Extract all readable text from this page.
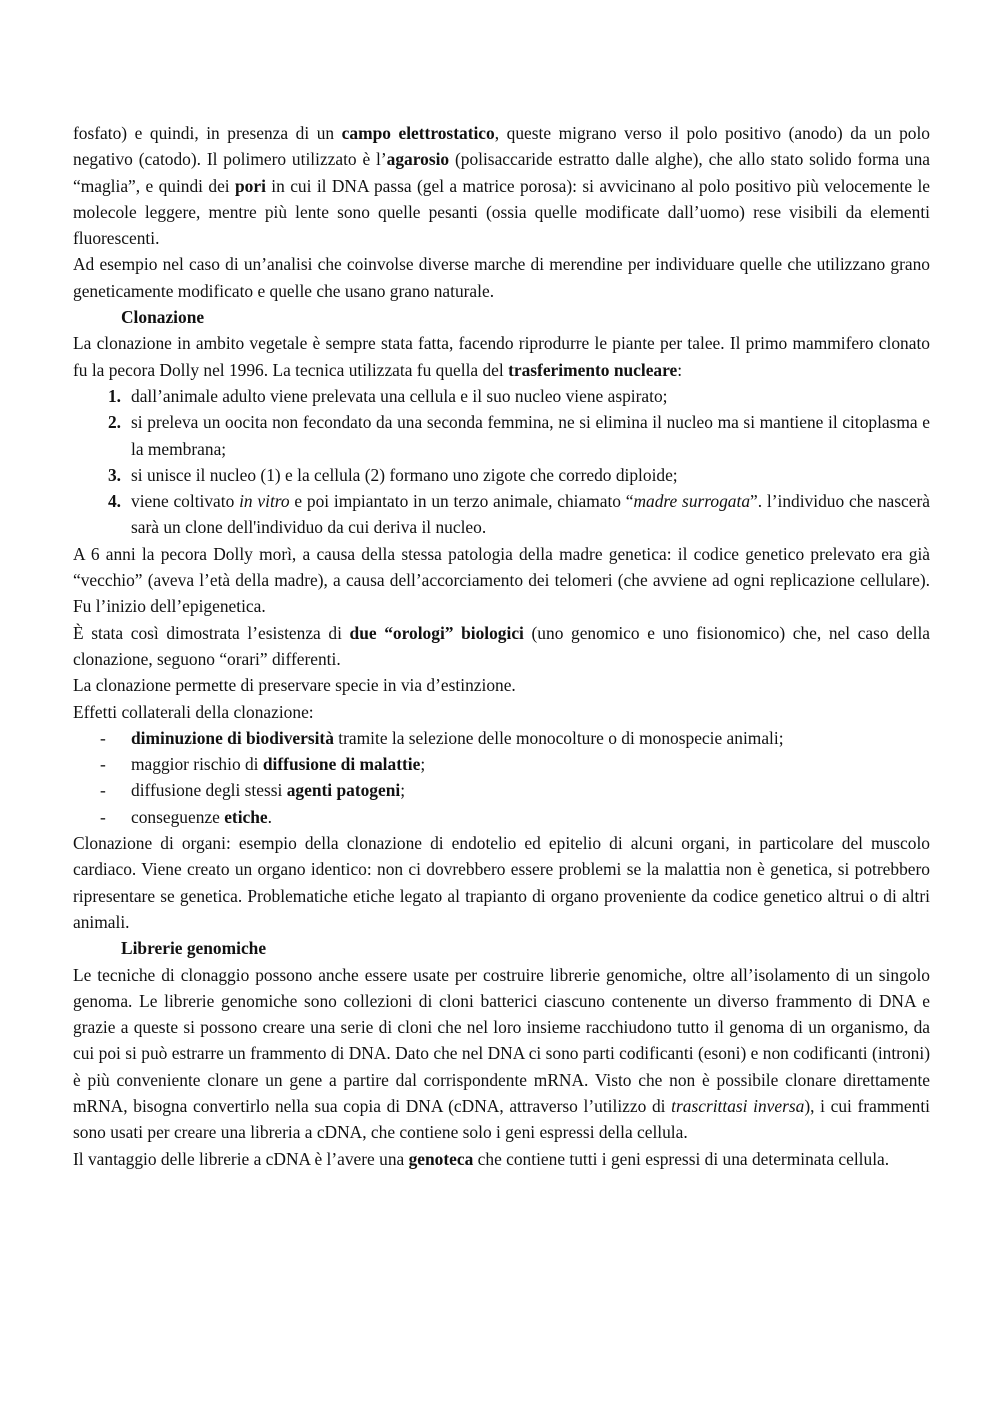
fosfato) e quindi, in presenza di un campo elettrostatico, queste migrano verso il polo positivo (anodo) da un polo negativo (catodo). Il polimero utilizzato è l’agarosio (polisaccaride estratto dalle alghe), che allo stato solido forma una “maglia”, e quindi dei pori in cui il DNA passa (gel a matrice porosa): si avvicinano al polo positivo più velocemente le molecole leggere, mentre più lente sono quelle pesanti (ossia quelle modificate dall’uomo) rese visibili da elementi fluorescenti.

Ad esempio nel caso di un’analisi che coinvolse diverse marche di merendine per individuare quelle che utilizzano grano geneticamente modificato e quelle che usano grano naturale.

Clonazione

La clonazione in ambito vegetale è sempre stata fatta, facendo riprodurre le piante per talee. Il primo mammifero clonato fu la pecora Dolly nel 1996. La tecnica utilizzata fu quella del trasferimento nucleare:

1. dall’animale adulto viene prelevata una cellula e il suo nucleo viene aspirato;
2. si preleva un oocita non fecondato da una seconda femmina, ne si elimina il nucleo ma si mantiene il citoplasma e la membrana;
3. si unisce il nucleo (1) e la cellula (2) formano uno zigote che corredo diploide;
4. viene coltivato in vitro e poi impiantato in un terzo animale, chiamato “madre surrogata”. l’individuo che nascerà sarà un clone dell'individuo da cui deriva il nucleo.

A 6 anni la pecora Dolly morì, a causa della stessa patologia della madre genetica: il codice genetico prelevato era già “vecchio” (aveva l’età della madre), a causa dell’accorciamento dei telomeri (che avviene ad ogni replicazione cellulare). Fu l’inizio dell’epigenetica.

È stata così dimostrata l’esistenza di due “orologi” biologici (uno genomico e uno fisionomico) che, nel caso della clonazione, seguono “orari” differenti.

La clonazione permette di preservare specie in via d’estinzione.

Effetti collaterali della clonazione:

-	diminuzione di biodiversità tramite la selezione delle monocolture o di monospecie animali;
-	maggior rischio di diffusione di malattie;
-	diffusione degli stessi agenti patogeni;
-	conseguenze etiche.

Clonazione di organi: esempio della clonazione di endotelio ed epitelio di alcuni organi, in particolare del muscolo cardiaco. Viene creato un organo identico: non ci dovrebbero essere problemi se la malattia non è genetica, si potrebbero ripresentare se genetica. Problematiche etiche legato al trapianto di organo proveniente da codice genetico altrui o di altri animali.

Librerie genomiche

Le tecniche di clonaggio possono anche essere usate per costruire librerie genomiche, oltre all’isolamento di un singolo genoma. Le librerie genomiche sono collezioni di cloni batterici ciascuno contenente un diverso frammento di DNA e grazie a queste si possono creare una serie di cloni che nel loro insieme racchiudono tutto il genoma di un organismo, da cui poi si può estrarre un frammento di DNA. Dato che nel DNA ci sono parti codificanti (esoni) e non codificanti (introni) è più conveniente clonare un gene a partire dal corrispondente mRNA. Visto che non è possibile clonare direttamente mRNA, bisogna convertirlo nella sua copia di DNA (cDNA, attraverso l’utilizzo di trascrittasi inversa), i cui frammenti sono usati per creare una libreria a cDNA, che contiene solo i geni espressi della cellula.

Il vantaggio delle librerie a cDNA è l’avere una genoteca che contiene tutti i geni espressi di una determinata cellula.
